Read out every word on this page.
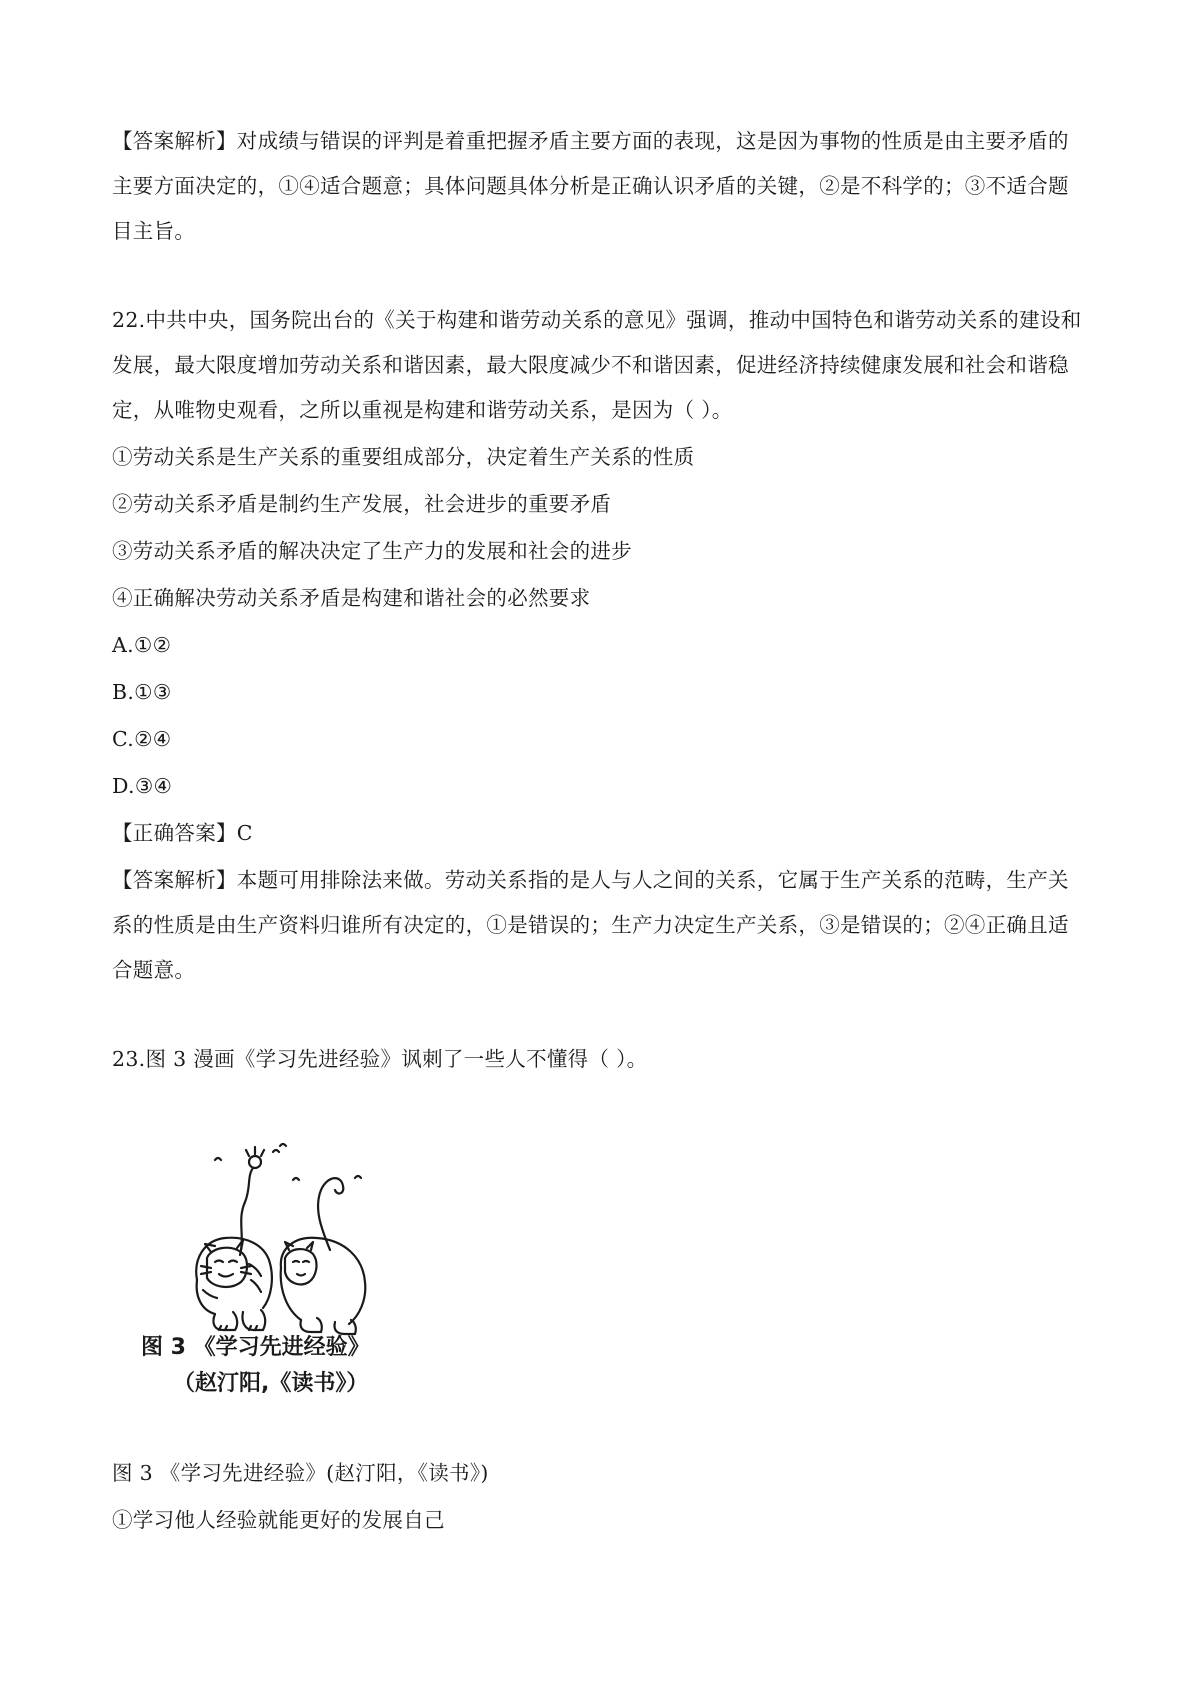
【答案解析】对成绩与错误的评判是着重把握矛盾主要方面的表现，这是因为事物的性质是由主要矛盾的
主要方面决定的，①④适合题意；具体问题具体分析是正确认识矛盾的关键，②是不科学的；③不适合题
目主旨。
22.中共中央，国务院出台的《关于构建和谐劳动关系的意见》强调，推动中国特色和谐劳动关系的建设和
发展，最大限度增加劳动关系和谐因素，最大限度减少不和谐因素，促进经济持续健康发展和社会和谐稳
定，从唯物史观看，之所以重视是构建和谐劳动关系，是因为（ ）。
①劳动关系是生产关系的重要组成部分，决定着生产关系的性质
②劳动关系矛盾是制约生产发展，社会进步的重要矛盾
③劳动关系矛盾的解决决定了生产力的发展和社会的进步
④正确解决劳动关系矛盾是构建和谐社会的必然要求
A.①②
B.①③
C.②④
D.③④
【正确答案】C
【答案解析】本题可用排除法来做。劳动关系指的是人与人之间的关系，它属于生产关系的范畴，生产关
系的性质是由生产资料归谁所有决定的，①是错误的；生产力决定生产关系，③是错误的；②④正确且适
合题意。
23.图 3 漫画《学习先进经验》讽刺了一些人不懂得（ ）。
图 3 《学习先进经验》
（赵汀阳,《读书》）
图 3 《学习先进经验》(赵汀阳，《读书》)
①学习他人经验就能更好的发展自己
